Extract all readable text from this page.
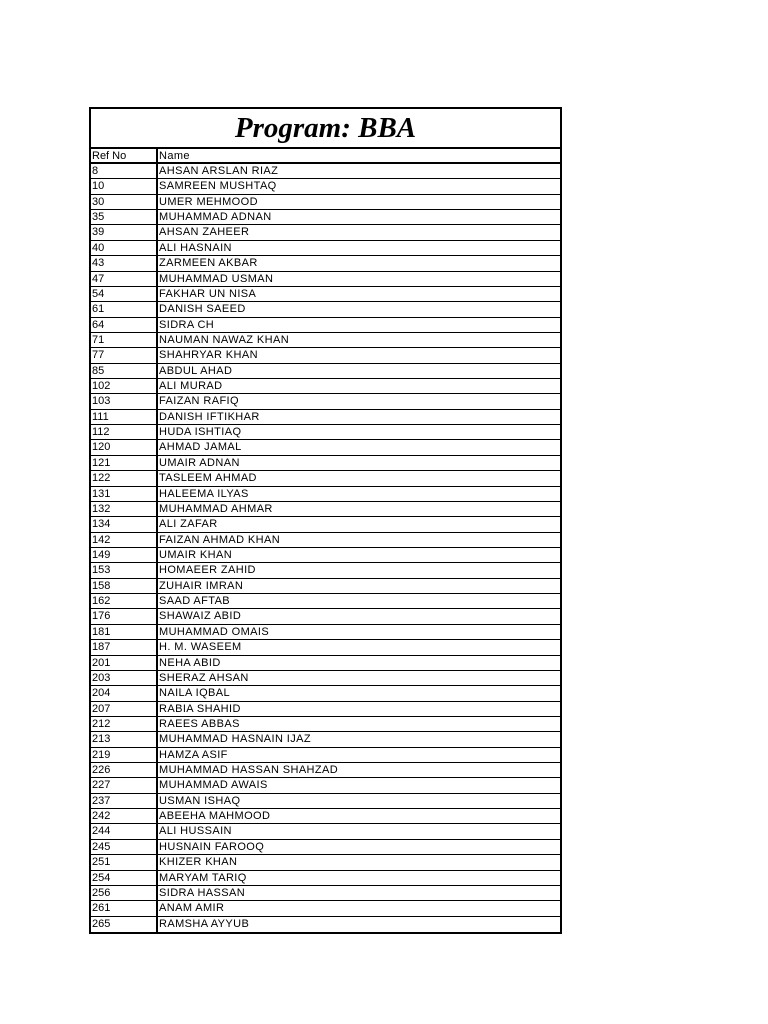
Program: BBA
Ref No	Name
8	AHSAN ARSLAN RIAZ
10	SAMREEN MUSHTAQ
30	UMER MEHMOOD
35	MUHAMMAD ADNAN
39	AHSAN ZAHEER
40	ALI HASNAIN
43	ZARMEEN AKBAR
47	MUHAMMAD USMAN
54	FAKHAR UN NISA
61	DANISH SAEED
64	SIDRA CH
71	NAUMAN NAWAZ KHAN
77	SHAHRYAR KHAN
85	ABDUL AHAD
102	ALI MURAD
103	FAIZAN RAFIQ
111	DANISH IFTIKHAR
112	HUDA ISHTIAQ
120	AHMAD JAMAL
121	UMAIR ADNAN
122	TASLEEM AHMAD
131	HALEEMA ILYAS
132	MUHAMMAD AHMAR
134	ALI ZAFAR
142	FAIZAN AHMAD KHAN
149	UMAIR KHAN
153	HOMAEER ZAHID
158	ZUHAIR IMRAN
162	SAAD AFTAB
176	SHAWAIZ ABID
181	MUHAMMAD OMAIS
187	H. M. WASEEM
201	NEHA ABID
203	SHERAZ AHSAN
204	NAILA IQBAL
207	RABIA SHAHID
212	RAEES ABBAS
213	MUHAMMAD HASNAIN IJAZ
219	HAMZA ASIF
226	MUHAMMAD HASSAN SHAHZAD
227	MUHAMMAD AWAIS
237	USMAN ISHAQ
242	ABEEHA MAHMOOD
244	ALI HUSSAIN
245	HUSNAIN FAROOQ
251	KHIZER KHAN
254	MARYAM TARIQ
256	SIDRA HASSAN
261	ANAM AMIR
265	RAMSHA AYYUB
